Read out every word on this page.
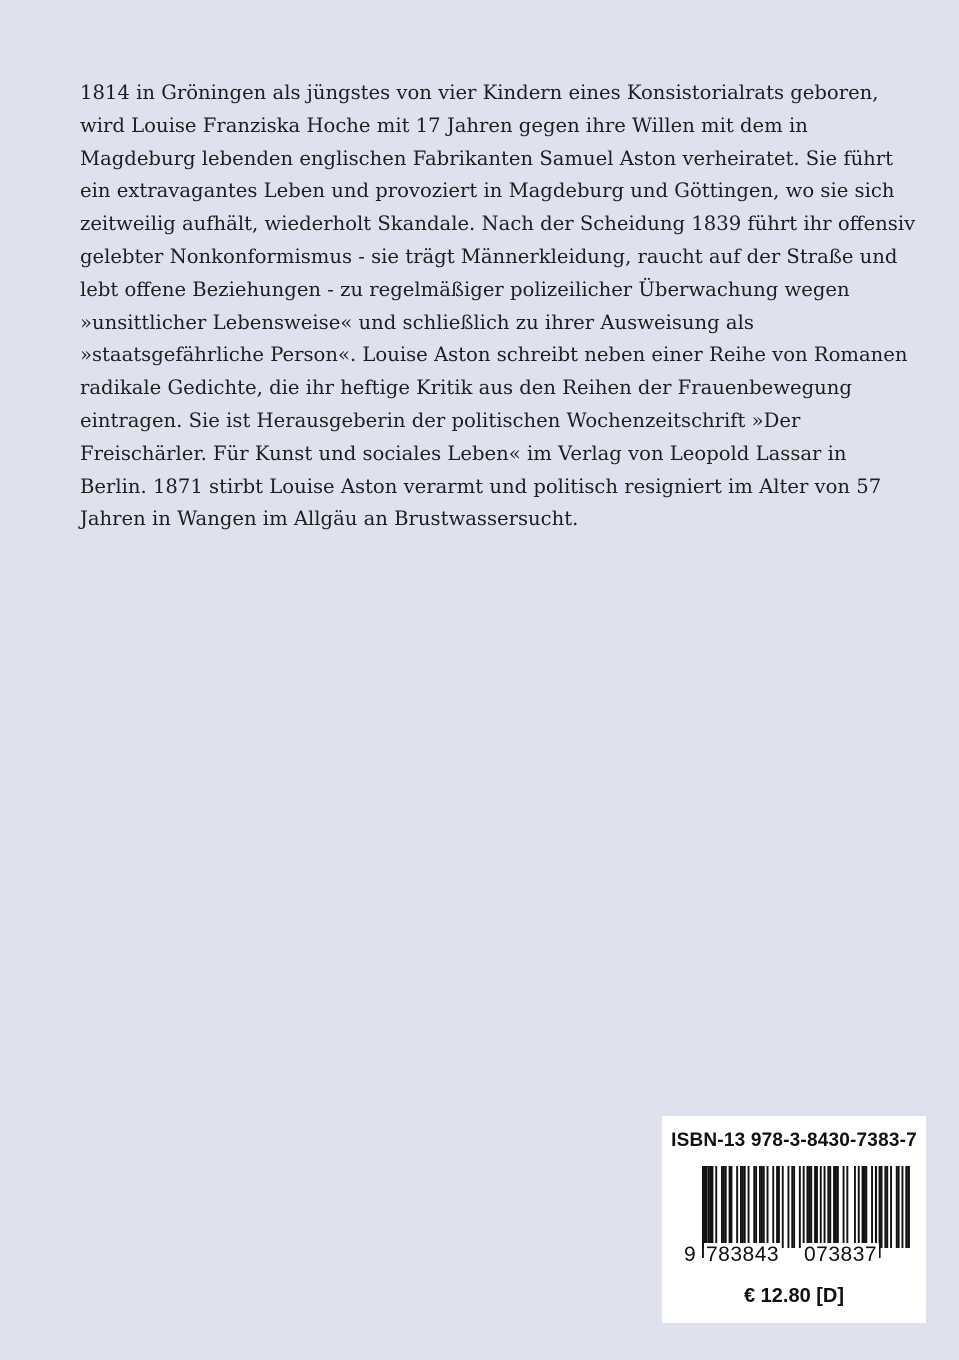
1814 in Gröningen als jüngstes von vier Kindern eines Konsistorialrats geboren,
wird Louise Franziska Hoche mit 17 Jahren gegen ihre Willen mit dem in
Magdeburg lebenden englischen Fabrikanten Samuel Aston verheiratet. Sie führt
ein extravagantes Leben und provoziert in Magdeburg und Göttingen, wo sie sich
zeitweilig aufhält, wiederholt Skandale. Nach der Scheidung 1839 führt ihr offensiv
gelebter Nonkonformismus - sie trägt Männerkleidung, raucht auf der Straße und
lebt offene Beziehungen - zu regelmäßiger polizeilicher Überwachung wegen
»unsittlicher Lebensweise« und schließlich zu ihrer Ausweisung als
»staatsgefährliche Person«. Louise Aston schreibt neben einer Reihe von Romanen
radikale Gedichte, die ihr heftige Kritik aus den Reihen der Frauenbewegung
eintragen. Sie ist Herausgeberin der politischen Wochenzeitschrift »Der
Freischärler. Für Kunst und sociales Leben« im Verlag von Leopold Lassar in
Berlin. 1871 stirbt Louise Aston verarmt und politisch resigniert im Alter von 57
Jahren in Wangen im Allgäu an Brustwassersucht.
ISBN-13 978-3-8430-7383-7
9 783843 073837
€ 12.80 [D]
